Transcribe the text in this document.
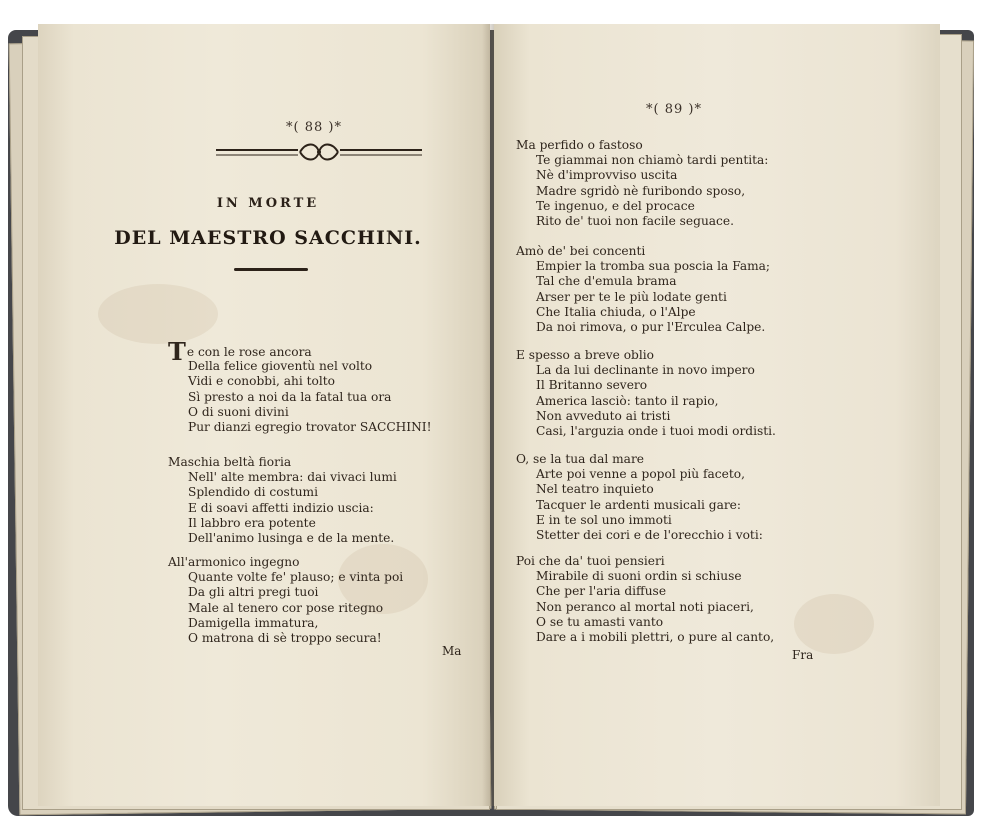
*( 88 )*
IN MORTE
DEL MAESTRO SACCHINI.
Te con le rose ancora
Della felice gioventù nel volto
Vidi e conobbi, ahi tolto
Sì presto a noi da la fatal tua ora
O di suoni divini
Pur dianzi egregio trovator SACCHINI!
Maschia beltà fioria
Nell' alte membra: dai vivaci lumi
Splendido di costumi
E di soavi affetti indizio uscia:
Il labbro era potente
Dell'animo lusinga e de la mente.
All'armonico ingegno
Quante volte fe' plauso; e vinta poi
Da gli altri pregi tuoi
Male al tenero cor pose ritegno
Damigella immatura,
O matrona di sè troppo secura!
Ma
*( 89 )*
Ma perfido o fastoso
Te giammai non chiamò tardi pentita:
Nè d'improvviso uscita
Madre sgridò nè furibondo sposo,
Te ingenuo, e del procace
Rito de' tuoi non facile seguace.
Amò de' bei concenti
Empier la tromba sua poscia la Fama;
Tal che d'emula brama
Arser per te le più lodate genti
Che Italia chiuda, o l'Alpe
Da noi rimova, o pur l'Erculea Calpe.
E spesso a breve oblio
La da lui declinante in novo impero
Il Britanno severo
America lasciò: tanto il rapio,
Non avveduto ai tristi
Casi, l'arguzia onde i tuoi modi ordisti.
O, se la tua dal mare
Arte poi venne a popol più faceto,
Nel teatro inquieto
Tacquer le ardenti musicali gare:
E in te sol uno immoti
Stetter dei cori e de l'orecchio i voti:
Poi che da' tuoi pensieri
Mirabile di suoni ordin si schiuse
Che per l'aria diffuse
Non peranco al mortal noti piaceri,
O se tu amasti vanto
Dare a i mobili plettri, o pure al canto,
Fra
